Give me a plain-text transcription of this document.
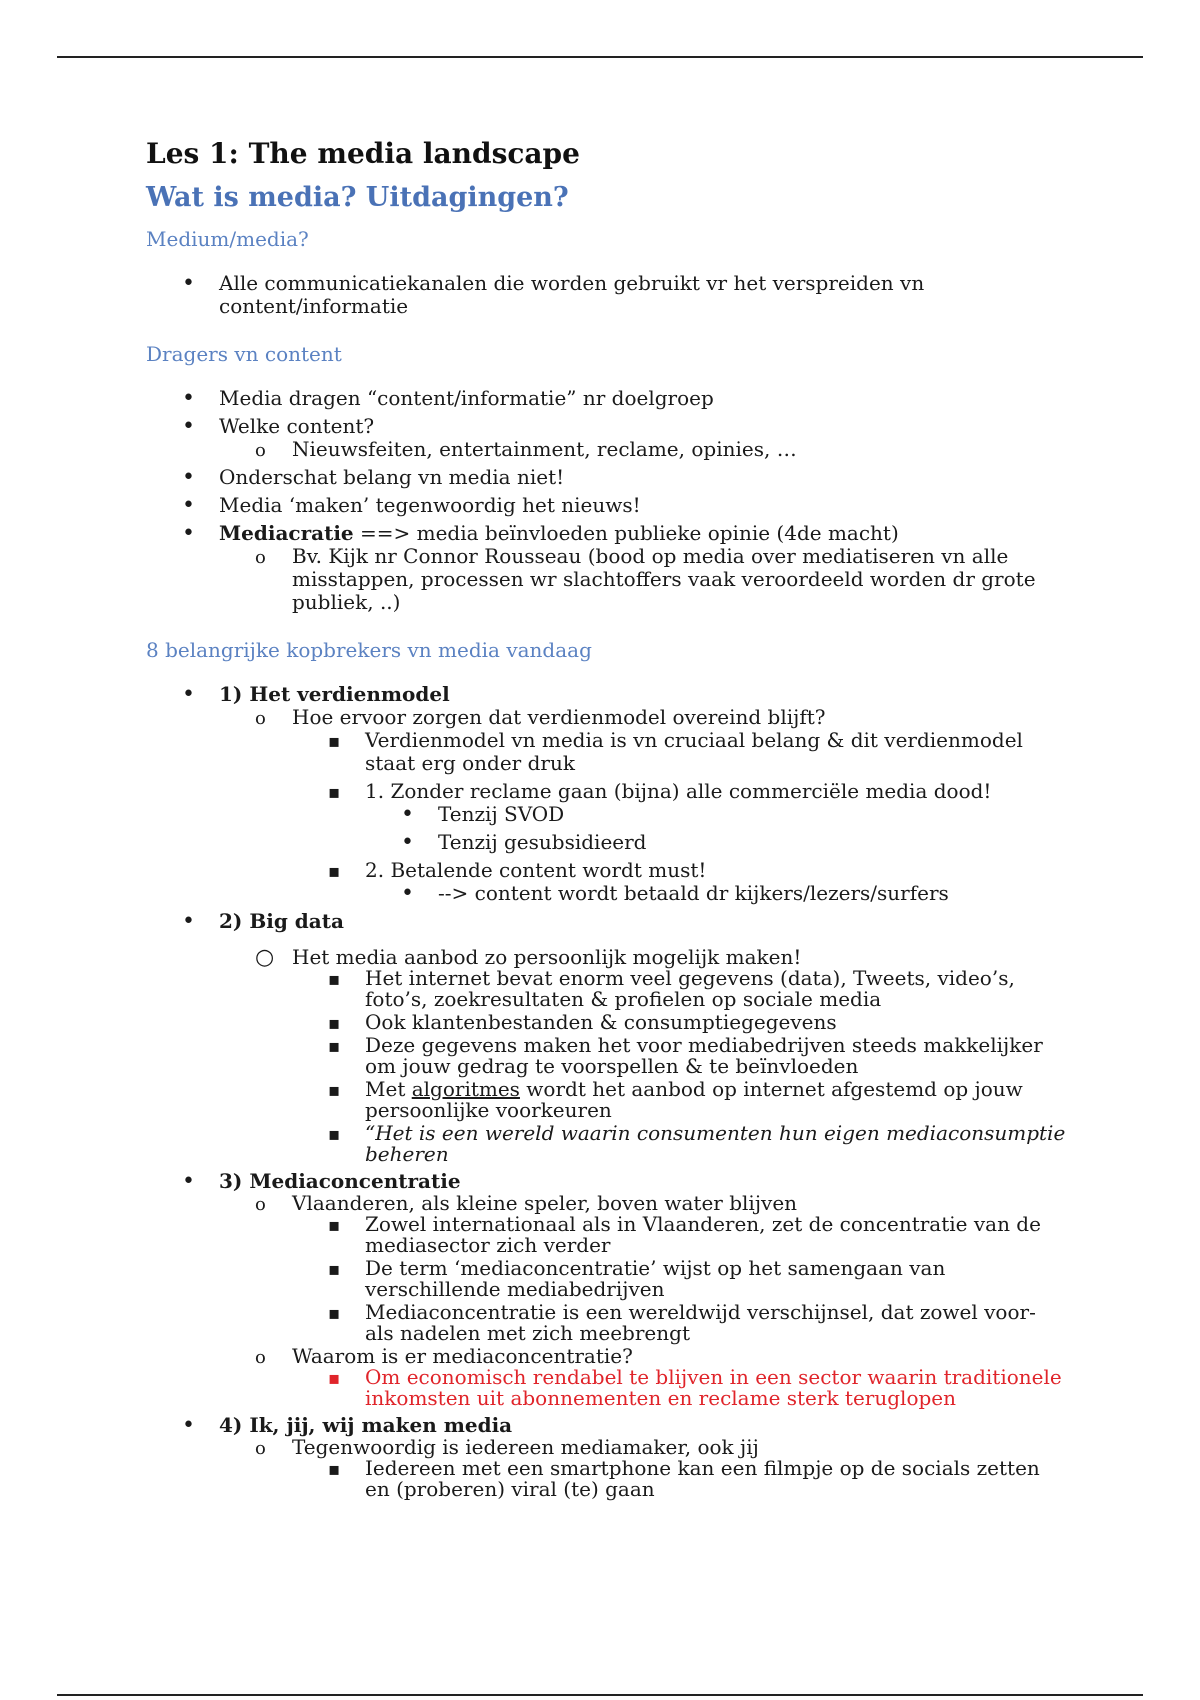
Les 1: The media landscape
Wat is media? Uitdagingen?
Medium/media?
•
Alle communicatiekanalen die worden gebruikt vr het verspreiden vn content/informatie
Dragers vn content
•
Media dragen “content/informatie” nr doelgroep
•
Welke content?
o
Nieuwsfeiten, entertainment, reclame, opinies, …
•
Onderschat belang vn media niet!
•
Media ‘maken’ tegenwoordig het nieuws!
•
Mediacratie ==> media beïnvloeden publieke opinie (4de macht)
o
Bv. Kijk nr Connor Rousseau (bood op media over mediatiseren vn alle misstappen, processen wr slachtoffers vaak veroordeeld worden dr grote publiek, ..)
8 belangrijke kopbrekers vn media vandaag
•
1) Het verdienmodel
o
Hoe ervoor zorgen dat verdienmodel overeind blijft?
▪
Verdienmodel vn media is vn cruciaal belang & dit verdienmodel staat erg onder druk
▪
1. Zonder reclame gaan (bijna) alle commerciële media dood!
•
Tenzij SVOD
•
Tenzij gesubsidieerd
▪
2. Betalende content wordt must!
•
--> content wordt betaald dr kijkers/lezers/surfers
•
2) Big data
○
Het media aanbod zo persoonlijk mogelijk maken!
▪
Het internet bevat enorm veel gegevens (data), Tweets, video’s, foto’s, zoekresultaten & profielen op sociale media
▪
Ook klantenbestanden & consumptiegegevens
▪
Deze gegevens maken het voor mediabedrijven steeds makkelijker om jouw gedrag te voorspellen & te beïnvloeden
▪
Met algoritmes wordt het aanbod op internet afgestemd op jouw persoonlijke voorkeuren
▪
“Het is een wereld waarin consumenten hun eigen mediaconsumptie beheren
•
3) Mediaconcentratie
o
Vlaanderen, als kleine speler, boven water blijven
▪
Zowel internationaal als in Vlaanderen, zet de concentratie van de mediasector zich verder
▪
De term ‘mediaconcentratie’ wijst op het samengaan van verschillende mediabedrijven
▪
Mediaconcentratie is een wereldwijd verschijnsel, dat zowel voor- als nadelen met zich meebrengt
o
Waarom is er mediaconcentratie?
▪
Om economisch rendabel te blijven in een sector waarin traditionele inkomsten uit abonnementen en reclame sterk teruglopen
•
4) Ik, jij, wij maken media
o
Tegenwoordig is iedereen mediamaker, ook jij
▪
Iedereen met een smartphone kan een filmpje op de socials zetten en (proberen) viral (te) gaan
